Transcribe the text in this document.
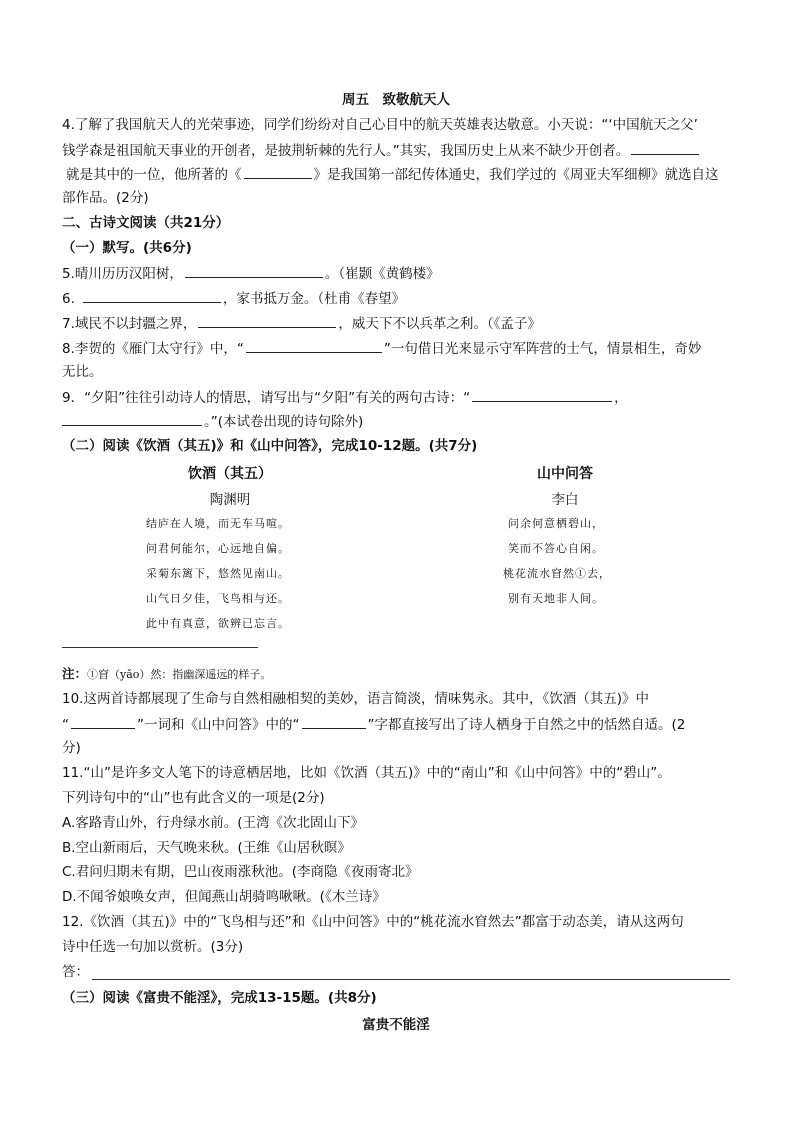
周五　致敬航天人
4.了解了我国航天人的光荣事迹，同学们纷纷对自己心目中的航天英雄表达敬意。小天说：“‘中国航天之父’
钱学森是祖国航天事业的开创者，是披荆斩棘的先行人。”其实，我国历史上从来不缺少开创者。
就是其中的一位，他所著的《	》是我国第一部纪传体通史，我们学过的《周亚夫军细柳》就选自这
部作品。(2分)
二、古诗文阅读（共21分）
（一）默写。(共6分)
5.晴川历历汉阳树，	。（崔颢《黄鹤楼》
6.	，家书抵万金。（杜甫《春望》
7.域民不以封疆之界，	，威天下不以兵革之利。（《孟子》
8.李贺的《雁门太守行》中，“	”一句借日光来显示守军阵营的士气，情景相生，奇妙
无比。
9．“夕阳”往往引动诗人的情思，请写出与“夕阳”有关的两句古诗：“	，
。”(本试卷出现的诗句除外)
（二）阅读《饮酒（其五)》和《山中问答》，完成10-12题。(共7分)
饮酒（其五）
陶渊明
结庐在人境，而无车马喧。
问君何能尔，心远地自偏。
采菊东篱下，悠然见南山。
山气日夕佳，飞鸟相与还。
此中有真意，欲辨已忘言。
山中问答
李白
问余何意栖碧山，
笑而不答心自闲。
桃花流水窅然①去，
别有天地非人间。
注：①窅（yǎo）然：指幽深遥远的样子。
10.这两首诗都展现了生命与自然相融相契的美妙，语言简淡，情味隽永。其中，《饮酒（其五)》中
“	”一词和《山中问答》中的“	”字都直接写出了诗人栖身于自然之中的恬然自适。(2
分)
11.“山”是许多文人笔下的诗意栖居地，比如《饮酒（其五)》中的“南山”和《山中问答》中的“碧山”。
下列诗句中的“山”也有此含义的一项是(2分)
A.客路青山外，行舟绿水前。(王湾《次北固山下》
B.空山新雨后，天气晚来秋。(王维《山居秋暝》
C.君问归期未有期，巴山夜雨涨秋池。(李商隐《夜雨寄北》
D.不闻爷娘唤女声，但闻燕山胡骑鸣啾啾。(《木兰诗》
12.《饮酒（其五)》中的“飞鸟相与还”和《山中问答》中的“桃花流水窅然去”都富于动态美，请从这两句
诗中任选一句加以赏析。(3分)
答：
（三）阅读《富贵不能淫》，完成13-15题。(共8分)
富贵不能淫
